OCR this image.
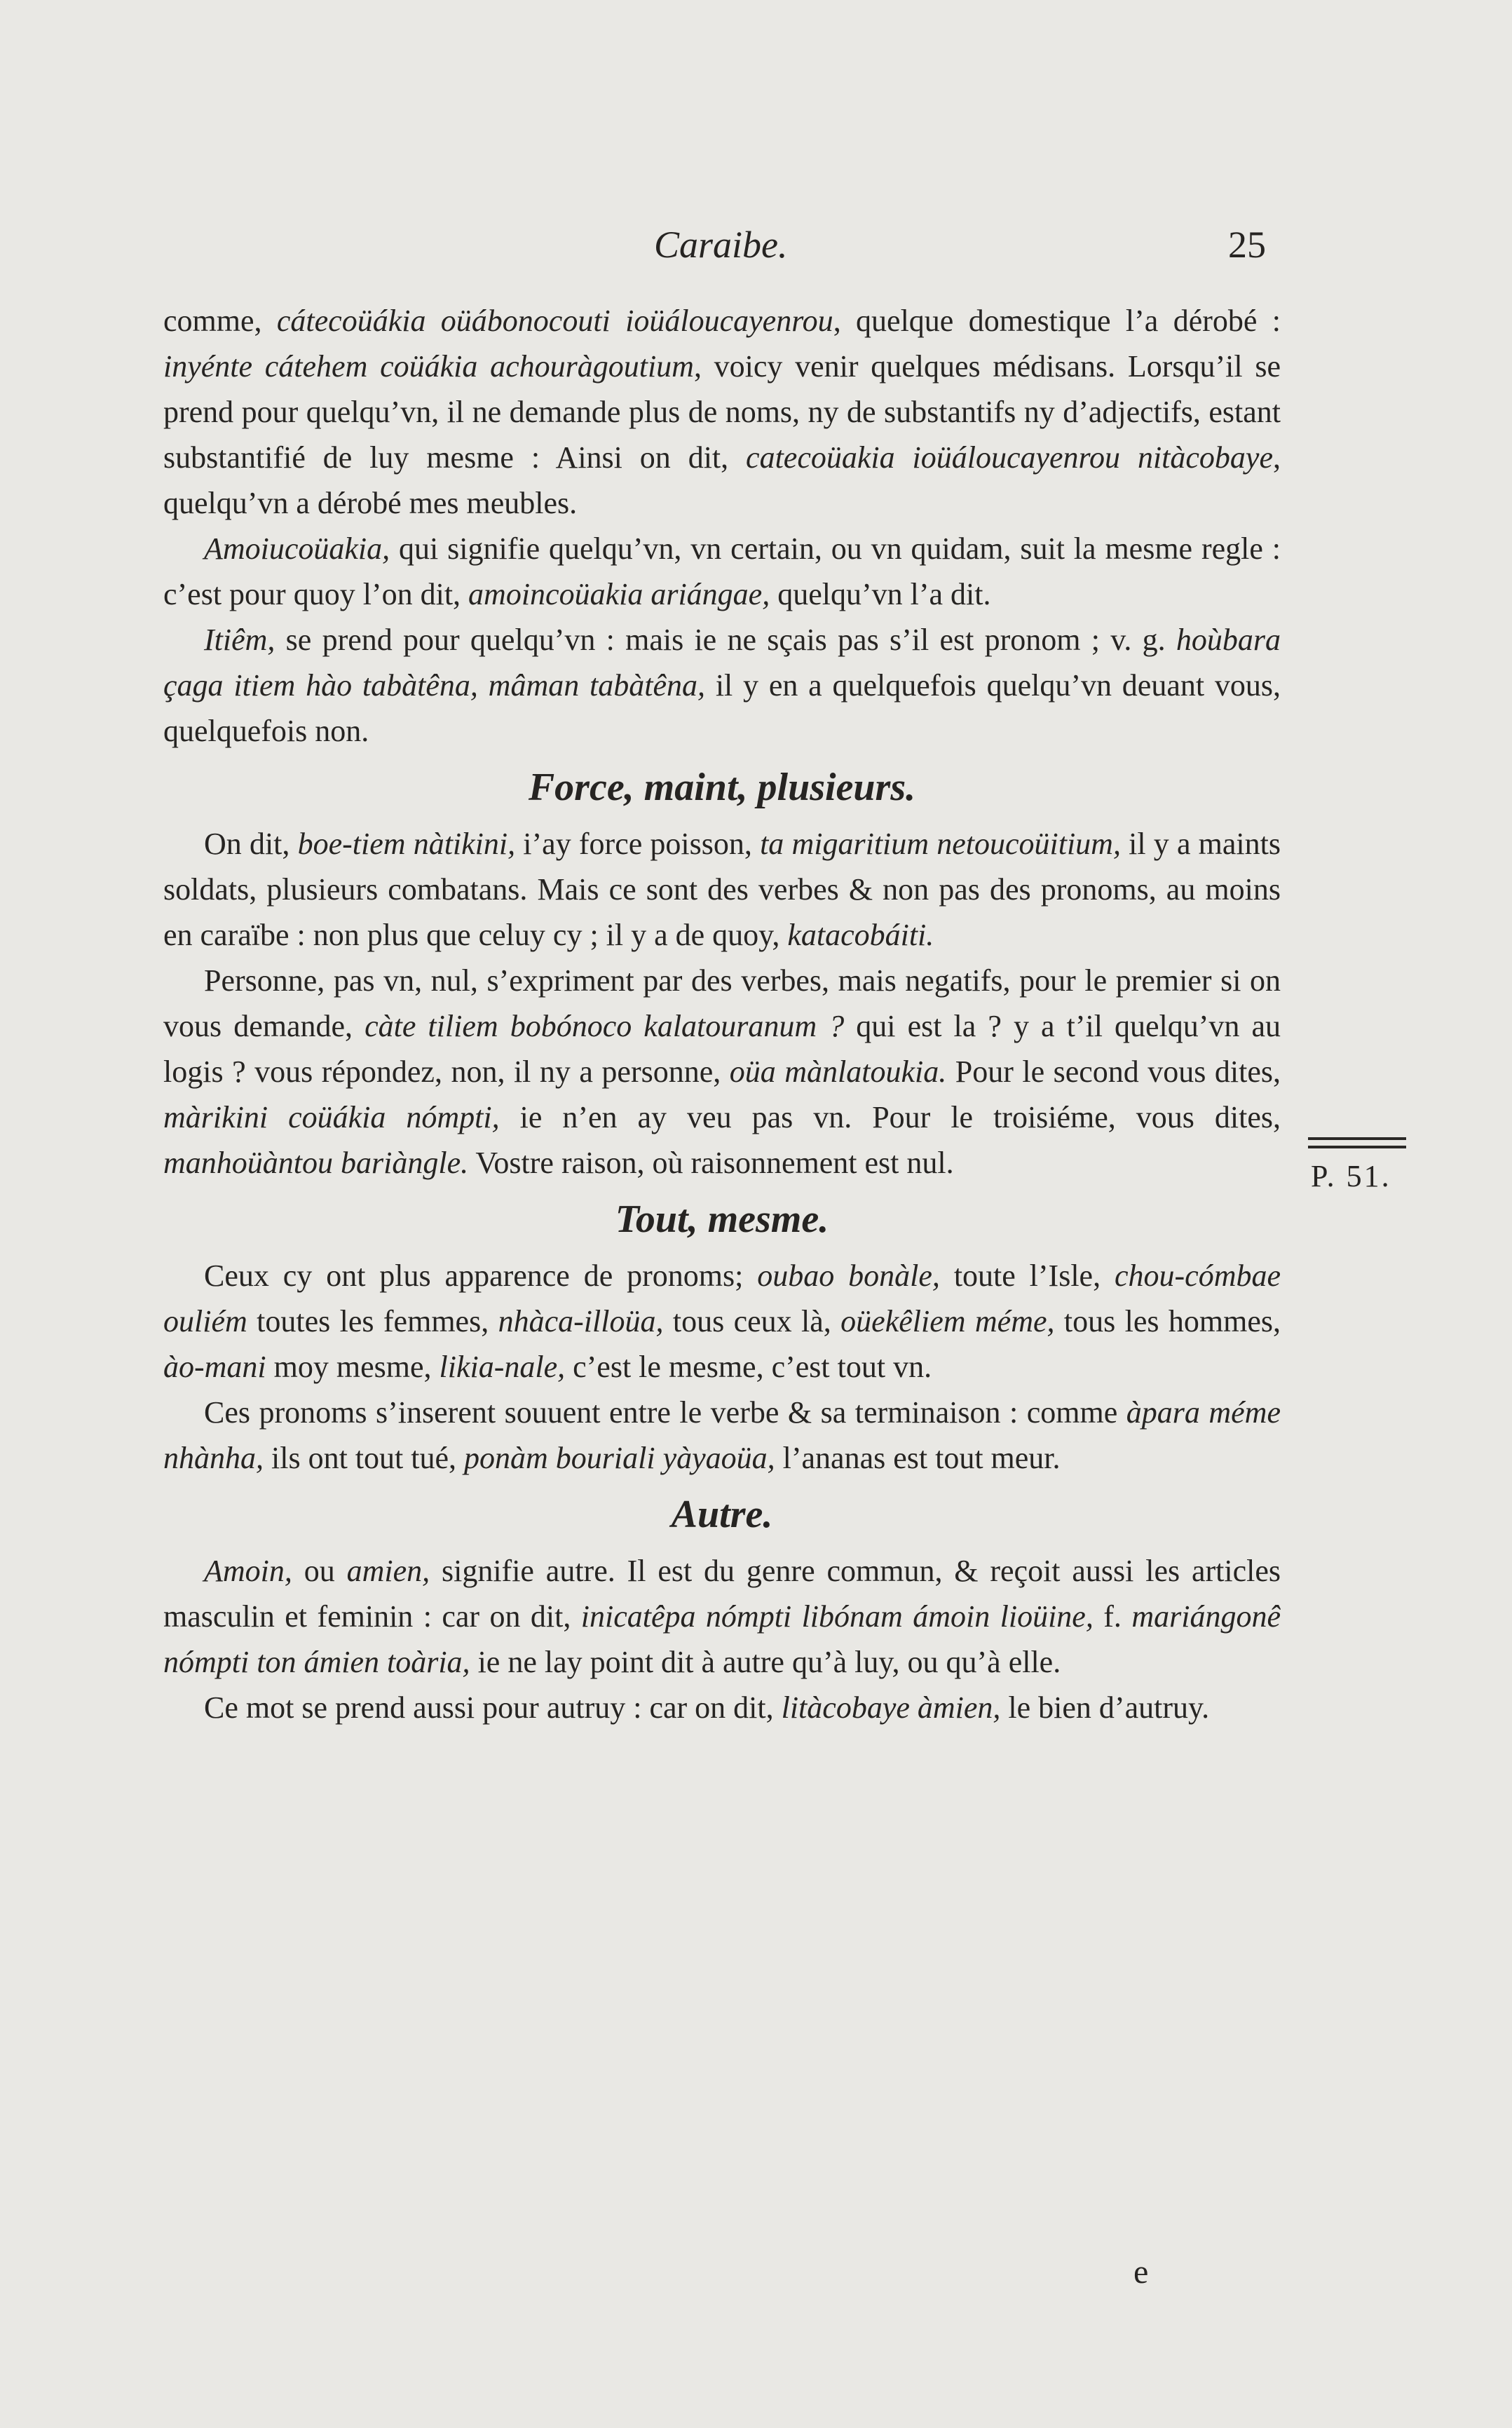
Caraibe.	25

comme, cátecoüákia oüábonocouti ioüáloucayenrou, quelque domestique l’a dérobé : inyénte cátehem coüákia achouràgoutium, voicy venir quelques médisans. Lorsqu’il se prend pour quelqu’vn, il ne demande plus de noms, ny de substantifs ny d’adjectifs, estant substantifié de luy mesme : Ainsi on dit, catecoüakia ioüáloucayenrou nitàcobaye, quelqu’vn a dérobé mes meubles.

Amoiucoüakia, qui signifie quelqu’vn, vn certain, ou vn quidam, suit la mesme regle : c’est pour quoy l’on dit, amoincoüakia ariángae, quelqu’vn l’a dit.

Itiêm, se prend pour quelqu’vn : mais ie ne sçais pas s’il est pronom ; v. g. hoùbara çaga itiem hào tabàtêna, mâman tabàtêna, il y en a quelquefois quelqu’vn deuant vous, quelquefois non.

Force, maint, plusieurs.

On dit, boe-tiem nàtikini, i’ay force poisson, ta migaritium netoucoüitium, il y a maints soldats, plusieurs combatans. Mais ce sont des verbes & non pas des pronoms, au moins en caraïbe : non plus que celuy cy ; il y a de quoy, katacobáiti.

Personne, pas vn, nul, s’expriment par des verbes, mais negatifs, pour le premier si on vous demande, càte tiliem bobónoco kalatouranum ? qui est la ? y a t’il quelqu’vn au logis ? vous répondez, non, il ny a personne, oüa mànlatoukia. Pour le second vous dites, màrikini coüákia nómpti, ie n’en ay veu pas vn. Pour le troisiéme, vous dites, manhoüàntou bariàngle. Vostre raison, où raisonnement est nul.

Tout, mesme.

Ceux cy ont plus apparence de pronoms; oubao bonàle, toute l’Isle, chou-cómbae ouliém toutes les femmes, nhàca-illoüa, tous ceux là, oüekêliem méme, tous les hommes, ào-mani moy mesme, likia-nale, c’est le mesme, c’est tout vn.

Ces pronoms s’inserent souuent entre le verbe & sa terminaison : comme àpara méme nhànha, ils ont tout tué, ponàm bouriali yàyaoüa, l’ananas est tout meur.

Autre.

Amoin, ou amien, signifie autre. Il est du genre commun, & reçoit aussi les articles masculin et feminin : car on dit, inicatêpa nómpti libónam ámoin lioüine, f. mariángonê nómpti ton ámien toària, ie ne lay point dit à autre qu’à luy, ou qu’à elle.

Ce mot se prend aussi pour autruy : car on dit, litàcobaye àmien, le bien d’autruy.

P. 51.
e
